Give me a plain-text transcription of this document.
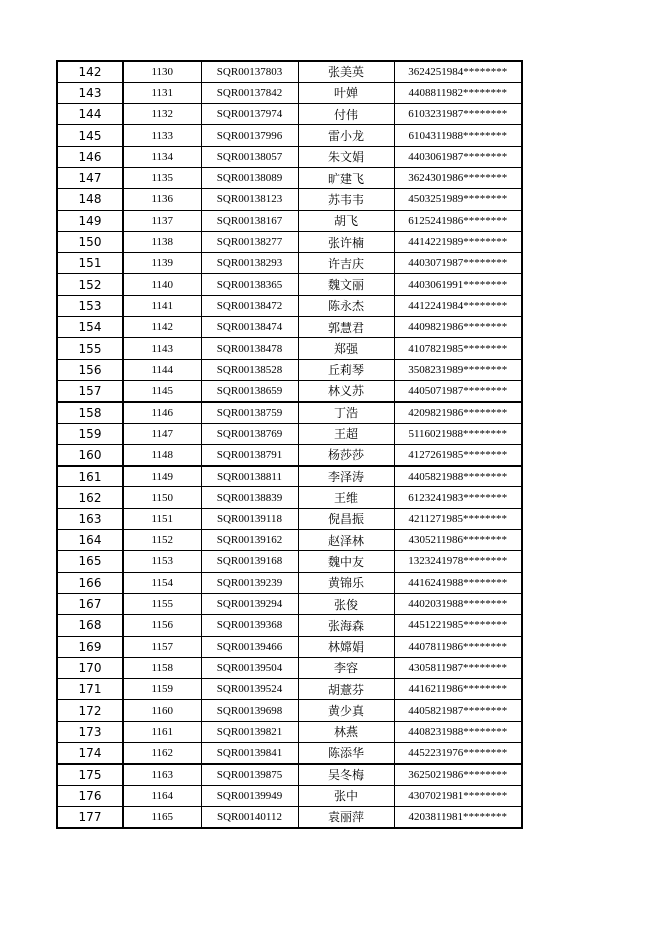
142	1130	SQR00137803	张美英	3624251984********
143	1131	SQR00137842	叶婵	4408811982********
144	1132	SQR00137974	付伟	6103231987********
145	1133	SQR00137996	雷小龙	6104311988********
146	1134	SQR00138057	朱文娟	4403061987********
147	1135	SQR00138089	旷建飞	3624301986********
148	1136	SQR00138123	苏韦韦	4503251989********
149	1137	SQR00138167	胡飞	6125241986********
150	1138	SQR00138277	张许楠	4414221989********
151	1139	SQR00138293	许吉庆	4403071987********
152	1140	SQR00138365	魏文丽	4403061991********
153	1141	SQR00138472	陈永杰	4412241984********
154	1142	SQR00138474	郭慧君	4409821986********
155	1143	SQR00138478	郑强	4107821985********
156	1144	SQR00138528	丘莉琴	3508231989********
157	1145	SQR00138659	林义苏	4405071987********
158	1146	SQR00138759	丁浩	4209821986********
159	1147	SQR00138769	王超	5116021988********
160	1148	SQR00138791	杨莎莎	4127261985********
161	1149	SQR00138811	李泽涛	4405821988********
162	1150	SQR00138839	王维	6123241983********
163	1151	SQR00139118	倪昌振	4211271985********
164	1152	SQR00139162	赵泽林	4305211986********
165	1153	SQR00139168	魏中友	1323241978********
166	1154	SQR00139239	黄锦乐	4416241988********
167	1155	SQR00139294	张俊	4402031988********
168	1156	SQR00139368	张海森	4451221985********
169	1157	SQR00139466	林嫦娟	4407811986********
170	1158	SQR00139504	李容	4305811987********
171	1159	SQR00139524	胡薏芬	4416211986********
172	1160	SQR00139698	黄少真	4405821987********
173	1161	SQR00139821	林燕	4408231988********
174	1162	SQR00139841	陈添华	4452231976********
175	1163	SQR00139875	吴冬梅	3625021986********
176	1164	SQR00139949	张中	4307021981********
177	1165	SQR00140112	袁丽萍	4203811981********
